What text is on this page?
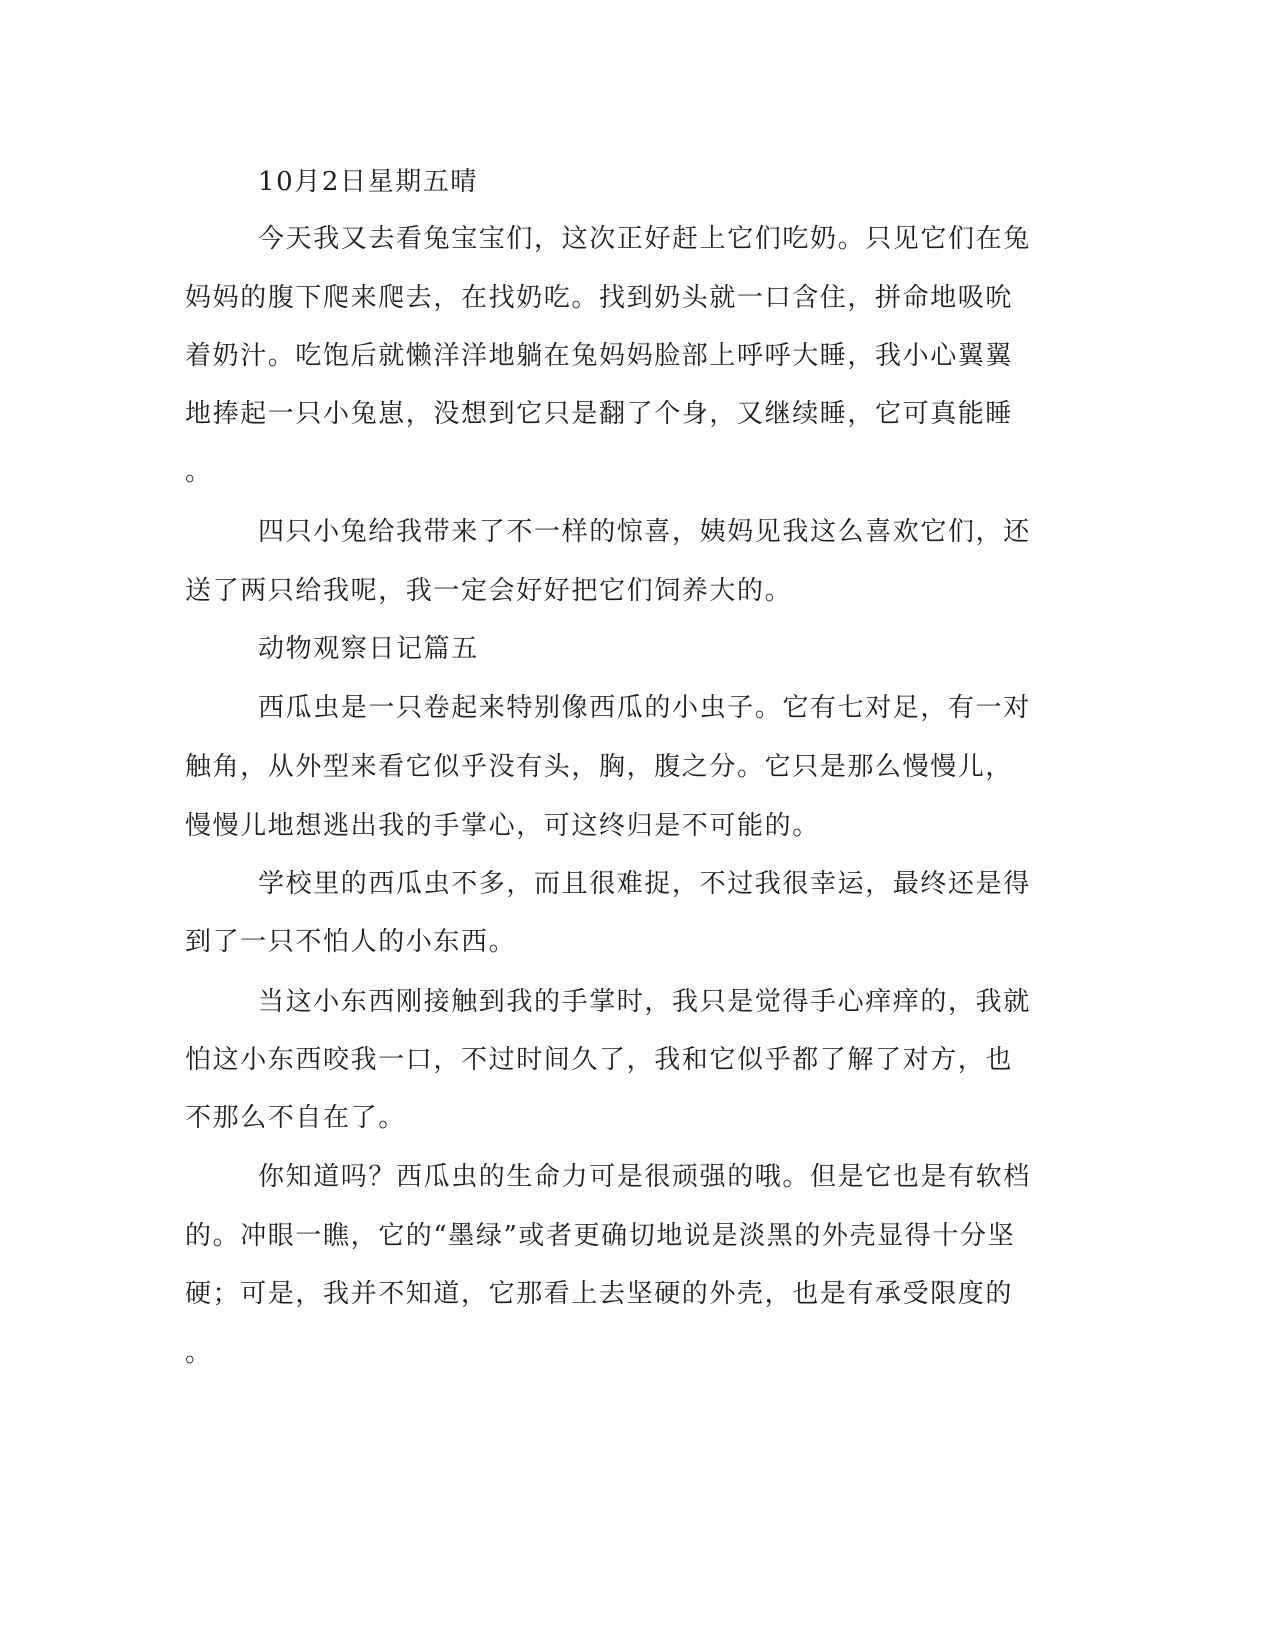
10月2日星期五晴
今天我又去看兔宝宝们，这次正好赶上它们吃奶。只见它们在兔
妈妈的腹下爬来爬去，在找奶吃。找到奶头就一口含住，拼命地吸吮
着奶汁。吃饱后就懒洋洋地躺在兔妈妈脸部上呼呼大睡，我小心翼翼
地捧起一只小兔崽，没想到它只是翻了个身，又继续睡，它可真能睡
。
四只小兔给我带来了不一样的惊喜，姨妈见我这么喜欢它们，还
送了两只给我呢，我一定会好好把它们饲养大的。
动物观察日记篇五
西瓜虫是一只卷起来特别像西瓜的小虫子。它有七对足，有一对
触角，从外型来看它似乎没有头，胸，腹之分。它只是那么慢慢儿，
慢慢儿地想逃出我的手掌心，可这终归是不可能的。
学校里的西瓜虫不多，而且很难捉，不过我很幸运，最终还是得
到了一只不怕人的小东西。
当这小东西刚接触到我的手掌时，我只是觉得手心痒痒的，我就
怕这小东西咬我一口，不过时间久了，我和它似乎都了解了对方，也
不那么不自在了。
你知道吗？西瓜虫的生命力可是很顽强的哦。但是它也是有软档
的。冲眼一瞧，它的“墨绿”或者更确切地说是淡黑的外壳显得十分坚
硬；可是，我并不知道，它那看上去坚硬的外壳，也是有承受限度的
。
